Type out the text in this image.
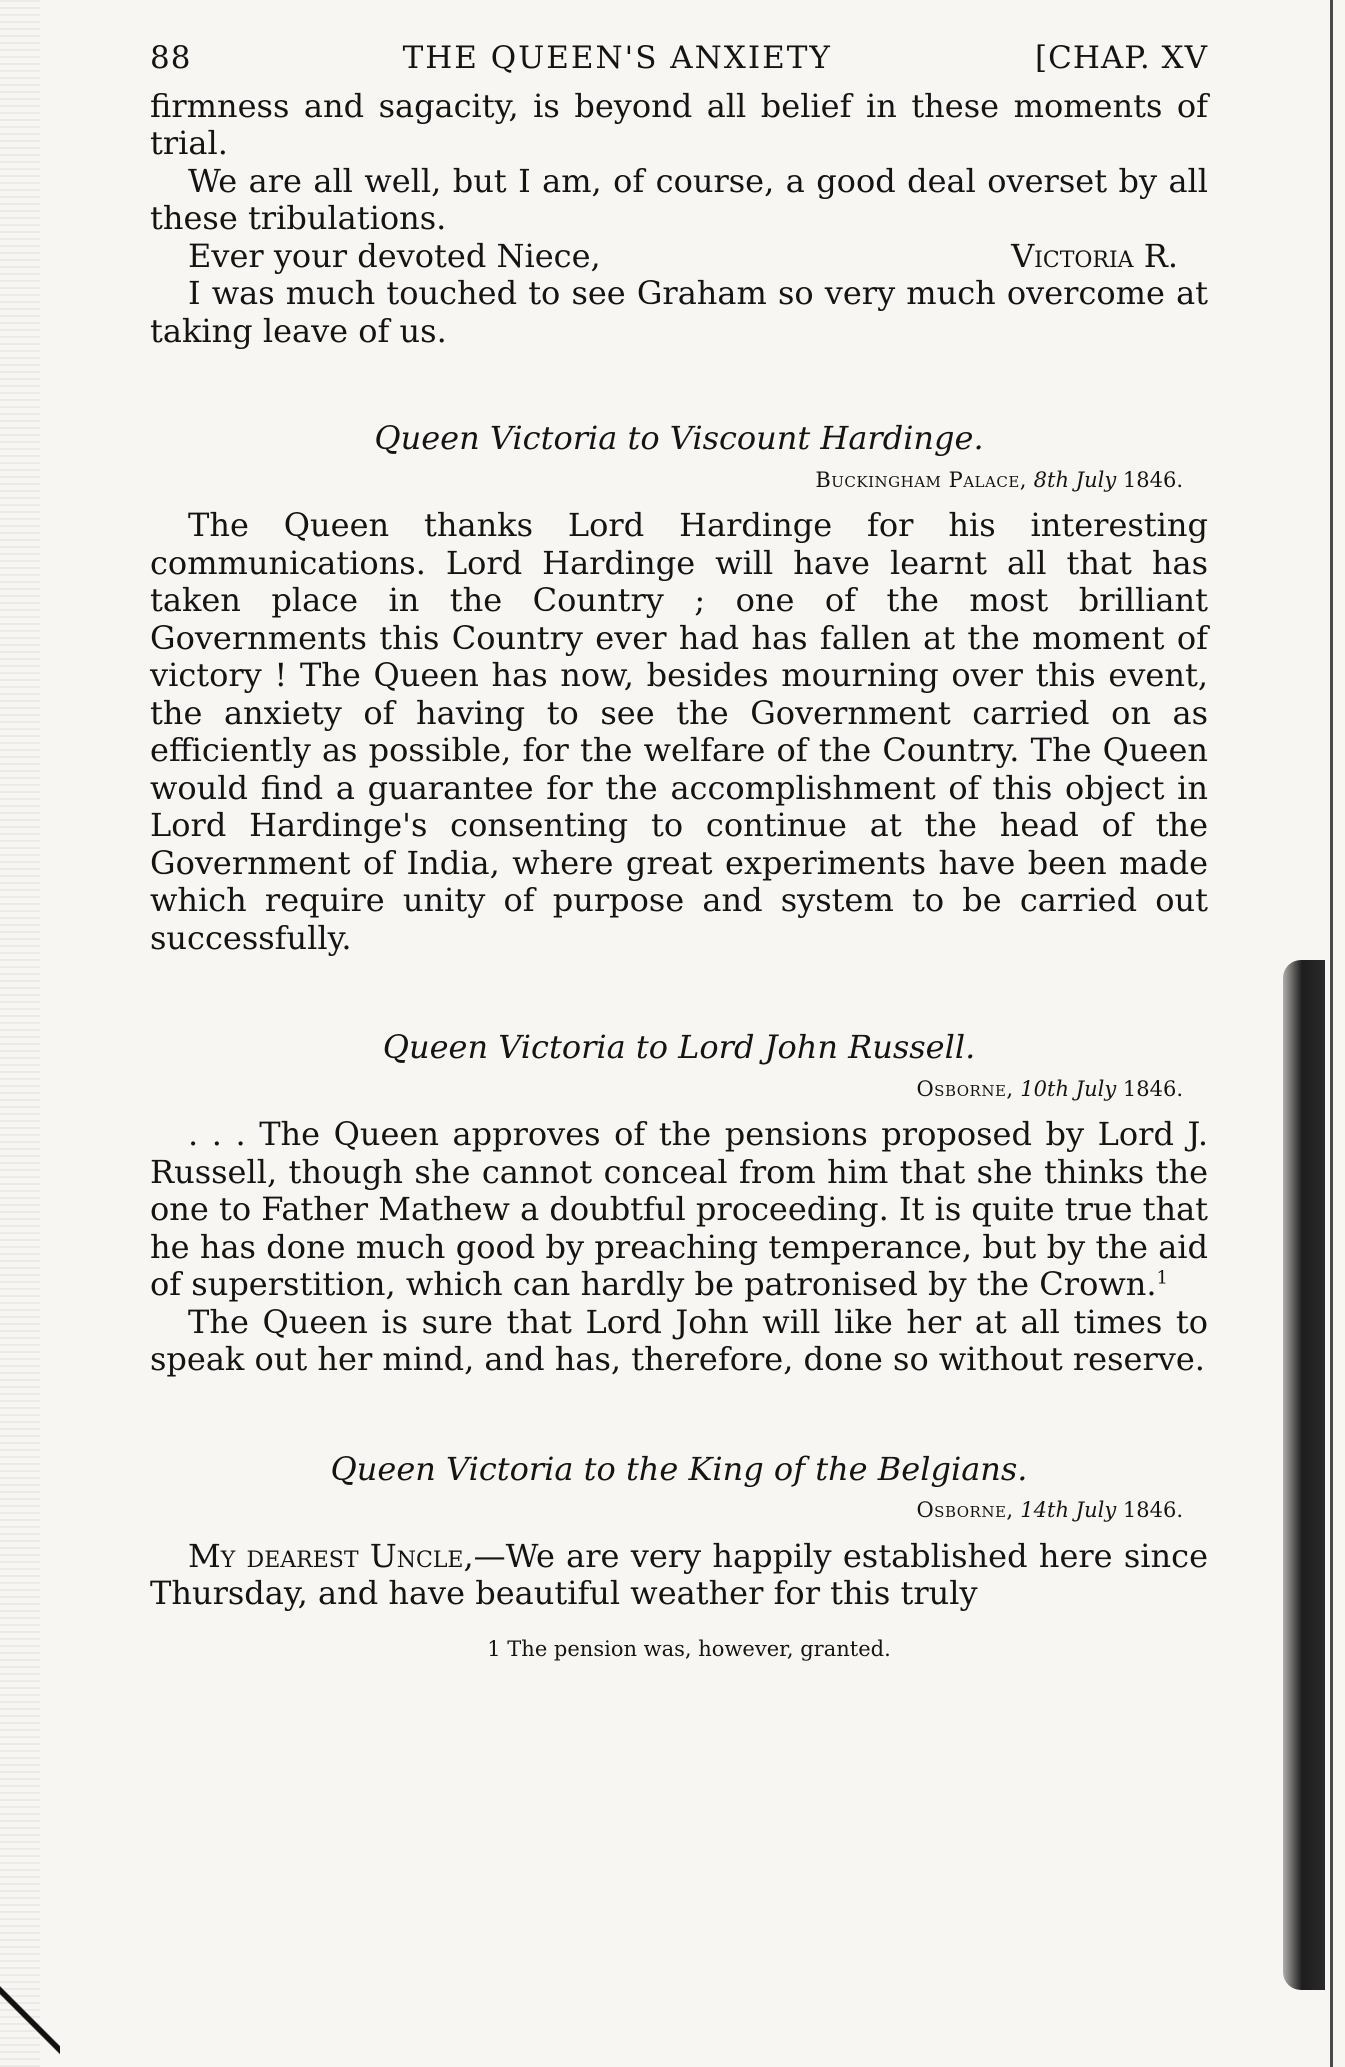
88	THE QUEEN'S ANXIETY	[CHAP. XV

firmness and sagacity, is beyond all belief in these moments of trial.

We are all well, but I am, of course, a good deal overset by all these tribulations.

Ever your devoted Niece,	Victoria R.

I was much touched to see Graham so very much overcome at taking leave of us.

Queen Victoria to Viscount Hardinge.
Buckingham Palace, 8th July 1846.

The Queen thanks Lord Hardinge for his interesting communications. Lord Hardinge will have learnt all that has taken place in the Country ; one of the most brilliant Governments this Country ever had has fallen at the moment of victory ! The Queen has now, besides mourning over this event, the anxiety of having to see the Government carried on as efficiently as possible, for the welfare of the Country. The Queen would find a guarantee for the accomplishment of this object in Lord Hardinge's consenting to continue at the head of the Government of India, where great experiments have been made which require unity of purpose and system to be carried out successfully.

Queen Victoria to Lord John Russell.
Osborne, 10th July 1846.

. . . The Queen approves of the pensions proposed by Lord J. Russell, though she cannot conceal from him that she thinks the one to Father Mathew a doubtful proceeding. It is quite true that he has done much good by preaching temperance, but by the aid of superstition, which can hardly be patronised by the Crown.$^1$

The Queen is sure that Lord John will like her at all times to speak out her mind, and has, therefore, done so without reserve.

Queen Victoria to the King of the Belgians.
Osborne, 14th July 1846.

My dearest Uncle,—We are very happily established here since Thursday, and have beautiful weather for this truly

1 The pension was, however, granted.
